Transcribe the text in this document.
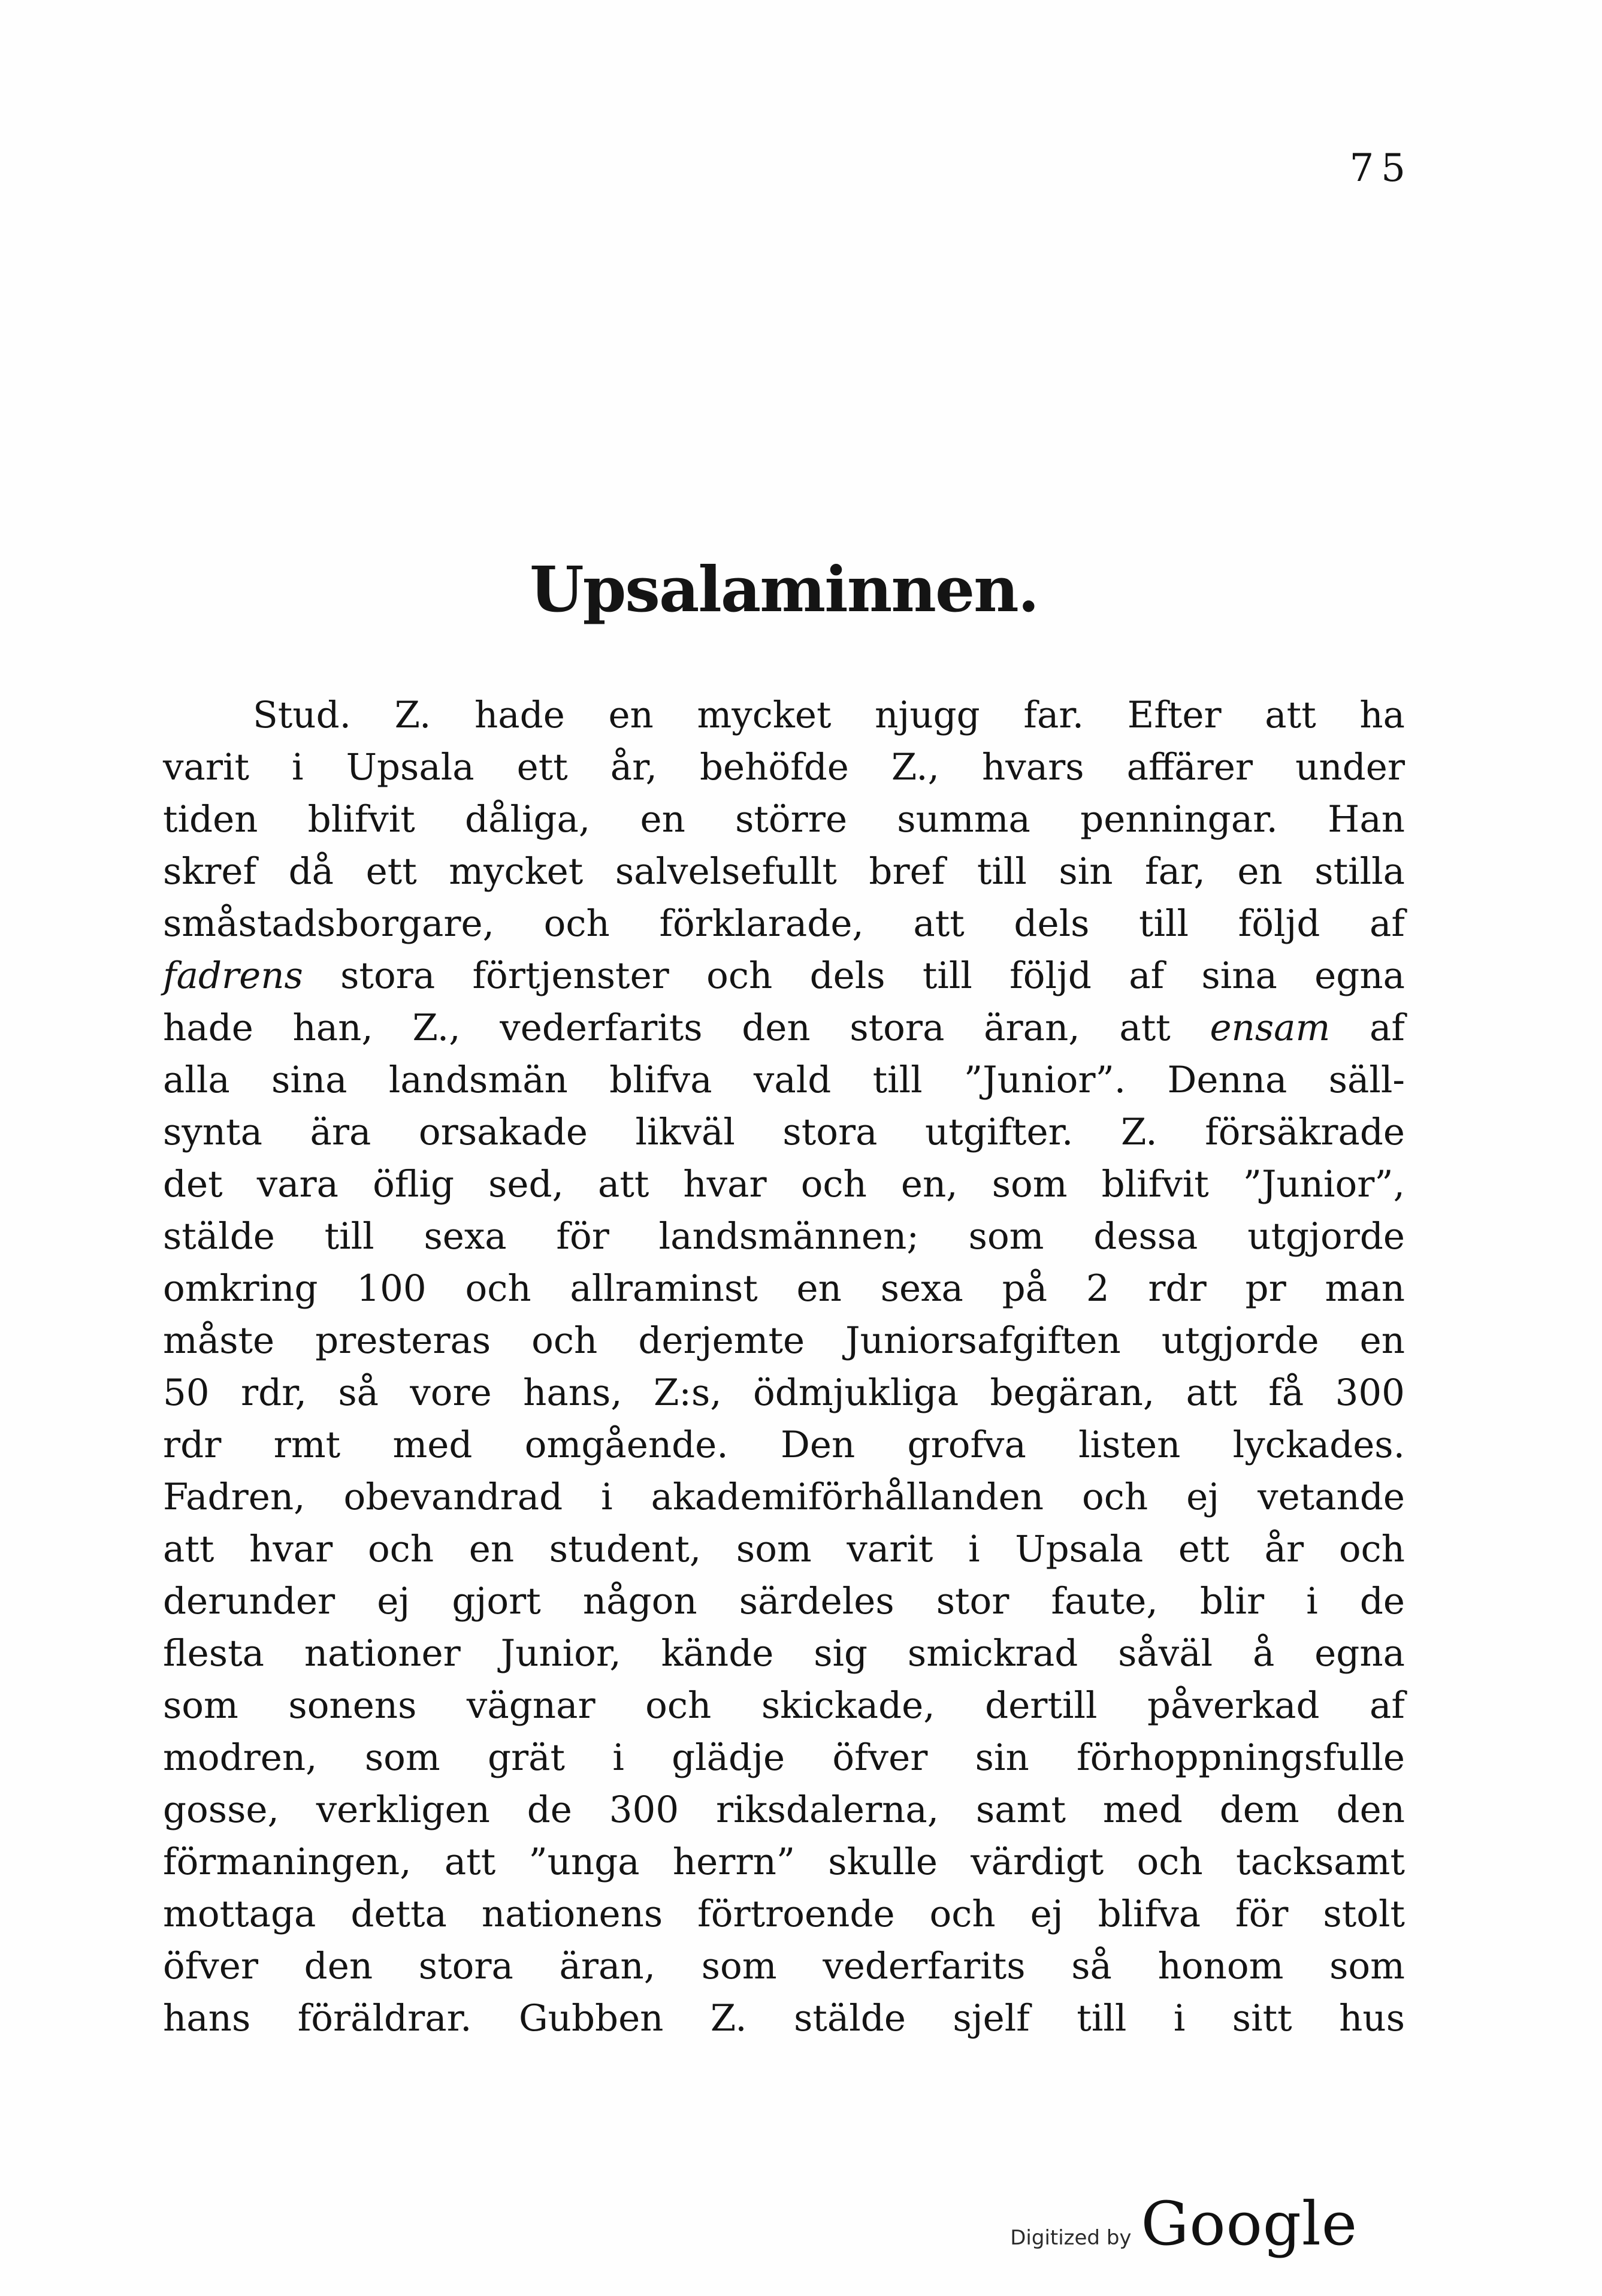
75
Upsalaminnen.
Stud. Z. hade en mycket njugg far. Efter att ha
varit i Upsala ett år, behöfde Z., hvars affärer under
tiden blifvit dåliga, en större summa penningar. Han
skref då ett mycket salvelsefullt bref till sin far, en stilla
småstadsborgare, och förklarade, att dels till följd af
fadrens stora förtjenster och dels till följd af sina egna
hade han, Z., vederfarits den stora äran, att ensam af
alla sina landsmän blifva vald till ”Junior”. Denna säll-
synta ära orsakade likväl stora utgifter. Z. försäkrade
det vara öflig sed, att hvar och en, som blifvit ”Junior”,
stälde till sexa för landsmännen; som dessa utgjorde
omkring 100 och allraminst en sexa på 2 rdr pr man
måste presteras och derjemte Juniorsafgiften utgjorde en
50 rdr, så vore hans, Z:s, ödmjukliga begäran, att få 300
rdr rmt med omgående. Den grofva listen lyckades.
Fadren, obevandrad i akademiförhållanden och ej vetande
att hvar och en student, som varit i Upsala ett år och
derunder ej gjort någon särdeles stor faute, blir i de
flesta nationer Junior, kände sig smickrad såväl å egna
som sonens vägnar och skickade, dertill påverkad af
modren, som grät i glädje öfver sin förhoppningsfulle
gosse, verkligen de 300 riksdalerna, samt med dem den
förmaningen, att ”unga herrn” skulle värdigt och tacksamt
mottaga detta nationens förtroende och ej blifva för stolt
öfver den stora äran, som vederfarits så honom som
hans föräldrar. Gubben Z. stälde sjelf till i sitt hus
Digitized by Google
